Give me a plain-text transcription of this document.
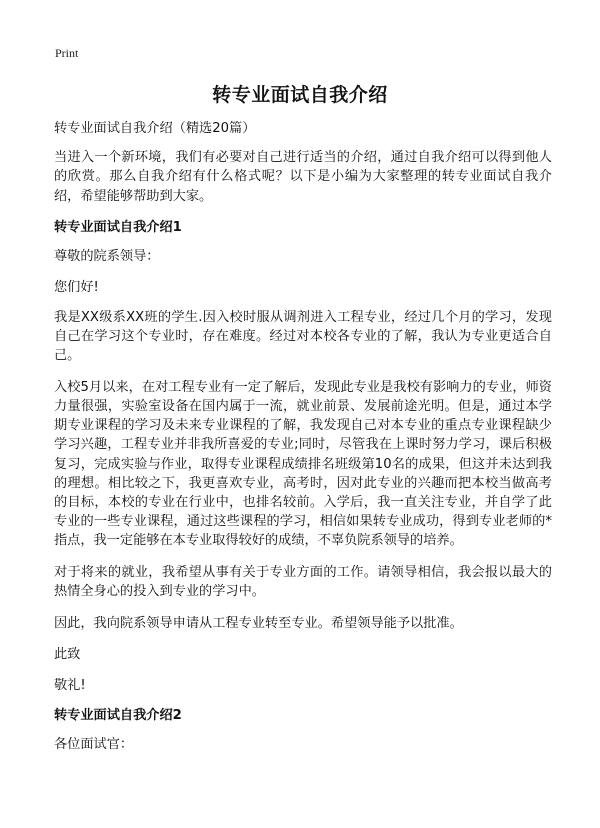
Print
转专业面试自我介绍

转专业面试自我介绍（精选20篇）

当进入一个新环境，我们有必要对自己进行适当的介绍，通过自我介绍可以得到他人的欣赏。那么自我介绍有什么格式呢？以下是小编为大家整理的转专业面试自我介绍，希望能够帮助到大家。

转专业面试自我介绍1

尊敬的院系领导：

您们好!

我是XX级系XX班的学生.因入校时服从调剂进入工程专业，经过几个月的学习，发现自己在学习这个专业时，存在难度。经过对本校各专业的了解，我认为专业更适合自己。

入校5月以来，在对工程专业有一定了解后，发现此专业是我校有影响力的专业，师资力量很强，实验室设备在国内属于一流，就业前景、发展前途光明。但是，通过本学期专业课程的学习及未来专业课程的了解，我发现自己对本专业的重点专业课程缺少学习兴趣，工程专业并非我所喜爱的专业;同时，尽管我在上课时努力学习，课后积极复习，完成实验与作业，取得专业课程成绩排名班级第10名的成果，但这并未达到我的理想。相比较之下，我更喜欢专业，高考时，因对此专业的兴趣而把本校当做高考的目标，本校的专业在行业中，也排名较前。入学后，我一直关注专业，并自学了此专业的一些专业课程，通过这些课程的学习，相信如果转专业成功，得到专业老师的*指点，我一定能够在本专业取得较好的成绩，不辜负院系领导的培养。

对于将来的就业，我希望从事有关于专业方面的工作。请领导相信，我会报以最大的热情全身心的投入到专业的学习中。

因此，我向院系领导申请从工程专业转至专业。希望领导能予以批准。

此致

敬礼!

转专业面试自我介绍2

各位面试官：
